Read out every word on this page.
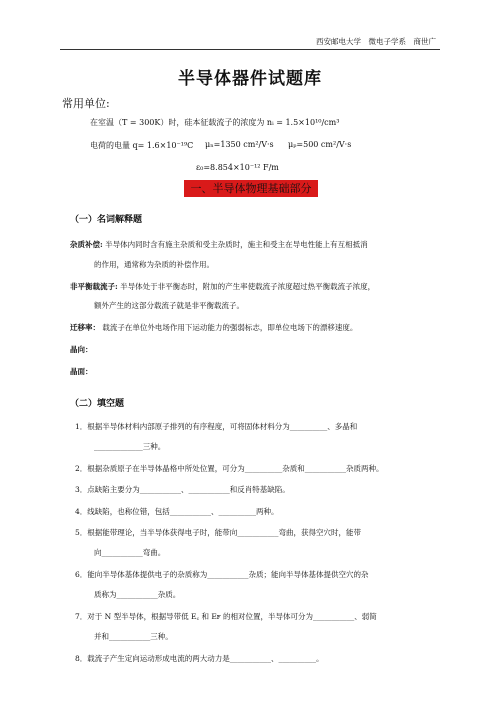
西安邮电大学　微电子学系　商世广
半导体器件试题库
常用单位:
在室温（T = 300K）时，硅本征载流子的浓度为 nᵢ = 1.5×10¹⁰/cm³
电荷的电量 q= 1.6×10⁻¹⁹C μₙ=1350 cm²/V·s μₚ=500 cm²/V·s
ε₀=8.854×10⁻¹² F/m
一、半导体物理基础部分
（一）名词解释题
杂质补偿: 半导体内同时含有施主杂质和受主杂质时，施主和受主在导电性能上有互相抵消
的作用，通常称为杂质的补偿作用。
非平衡载流子: 半导体处于非平衡态时，附加的产生率使载流子浓度超过热平衡载流子浓度，
额外产生的这部分载流子就是非平衡载流子。
迁移率： 载流子在单位外电场作用下运动能力的强弱标志，即单位电场下的漂移速度。
晶向：
晶面：
（二）填空题
1．根据半导体材料内部原子排列的有序程度，可将固体材料分为__________、多晶和
_____________三种。
2．根据杂质原子在半导体晶格中所处位置，可分为__________杂质和___________杂质两种。
3．点缺陷主要分为___________、___________和反肖特基缺陷。
4．线缺陷，也称位错，包括___________、__________两种。
5．根据能带理论，当半导体获得电子时，能带向___________弯曲，获得空穴时，能带
向___________弯曲。
6．能向半导体基体提供电子的杂质称为___________杂质；能向半导体基体提供空穴的杂
质称为___________杂质。
7．对于 N 型半导体，根据导带低 E꜀ 和 Eꜰ 的相对位置，半导体可分为___________、弱简
并和___________三种。
8．载流子产生定向运动形成电流的两大动力是___________、__________。
